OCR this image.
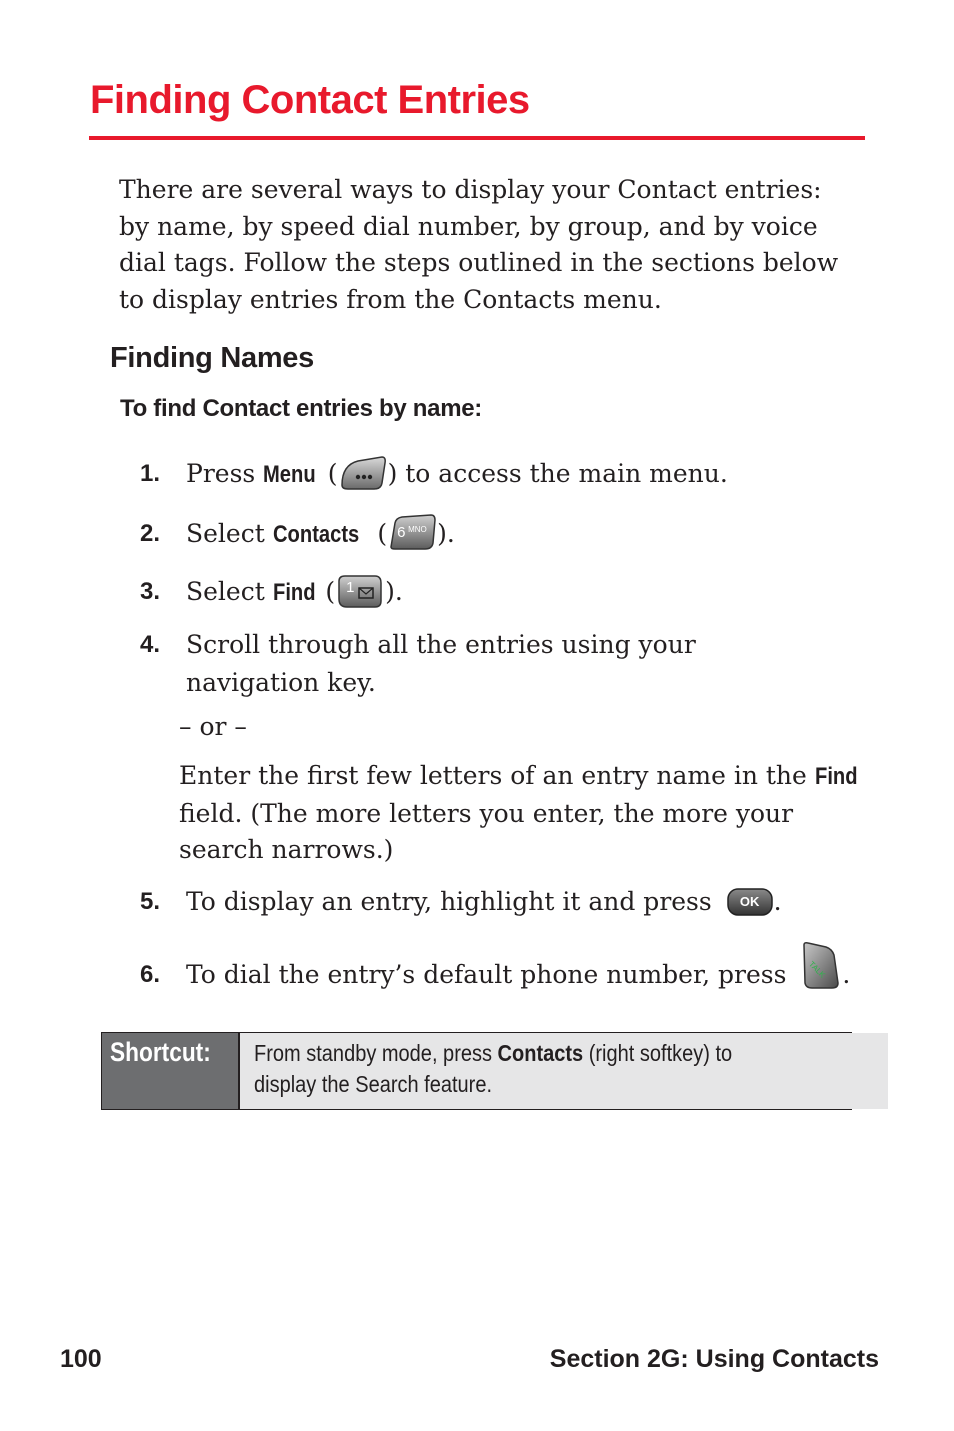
Finding Contact Entries

There are several ways to display your Contact entries: by name, by speed dial number, by group, and by voice dial tags. Follow the steps outlined in the sections below to display entries from the Contacts menu.

Finding Names
To find Contact entries by name:
1. Press Menu ( ) to access the main menu.
2. Select Contacts ( 6 MNO ).
3. Select Find ( 1 ).
4. Scroll through all the entries using your navigation key.
– or –

Enter the first few letters of an entry name in the Find field. (The more letters you enter, the more your search narrows.)

5. To display an entry, highlight it and press	OK .
6. To dial the entry’s default phone number, press TALK .
Shortcut:	From standby mode, press Contacts (right softkey) to display the Search feature.
100	Section 2G: Using Contacts
